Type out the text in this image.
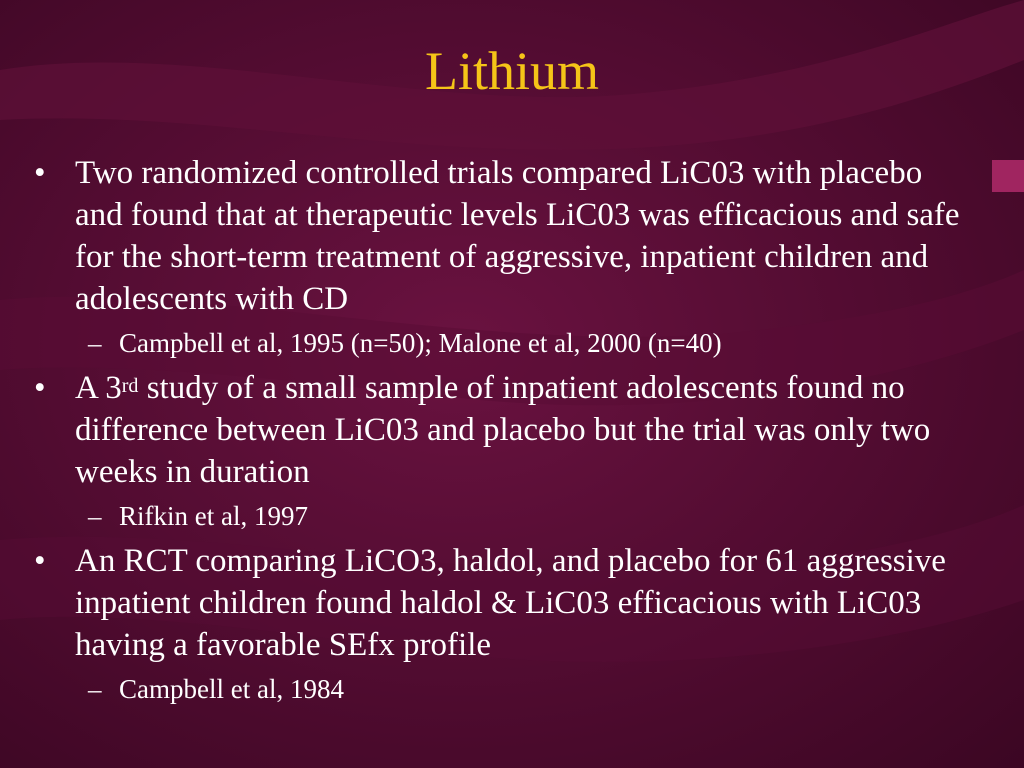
Lithium
• Two randomized controlled trials compared LiC03 with placebo and found that at therapeutic levels LiC03 was efficacious and safe for the short-term treatment of aggressive, inpatient children and adolescents with CD
– Campbell et al, 1995 (n=50); Malone et al, 2000 (n=40)
• A 3rd study of a small sample of inpatient adolescents found no difference between LiC03 and placebo but the trial was only two weeks in duration
– Rifkin et al, 1997
• An RCT comparing LiCO3, haldol, and placebo for 61 aggressive inpatient children found haldol & LiC03 efficacious with LiC03 having a favorable SEfx profile
– Campbell et al, 1984
